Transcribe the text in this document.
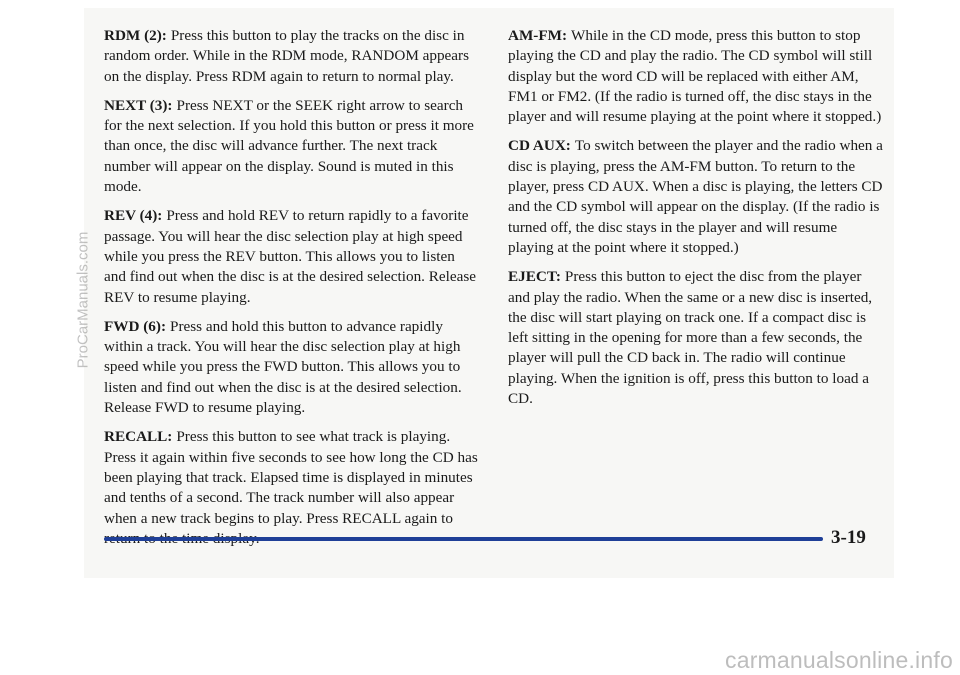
RDM (2): Press this button to play the tracks on the disc in random order. While in the RDM mode, RANDOM appears on the display. Press RDM again to return to normal play.

NEXT (3): Press NEXT or the SEEK right arrow to search for the next selection. If you hold this button or press it more than once, the disc will advance further. The next track number will appear on the display. Sound is muted in this mode.

REV (4): Press and hold REV to return rapidly to a favorite passage. You will hear the disc selection play at high speed while you press the REV button. This allows you to listen and find out when the disc is at the desired selection. Release REV to resume playing.

FWD (6): Press and hold this button to advance rapidly within a track. You will hear the disc selection play at high speed while you press the FWD button. This allows you to listen and find out when the disc is at the desired selection. Release FWD to resume playing.

RECALL: Press this button to see what track is playing. Press it again within five seconds to see how long the CD has been playing that track. Elapsed time is displayed in minutes and tenths of a second. The track number will also appear when a new track begins to play. Press RECALL again to

AM-FM: While in the CD mode, press this button to stop playing the CD and play the radio. The CD symbol will still display but the word CD will be replaced with either AM, FM1 or FM2. (If the radio is turned off, the disc stays in the player and will resume playing at the point where it stopped.)

CD AUX: To switch between the player and the radio when a disc is playing, press the AM-FM button. To return to the player, press CD AUX. When a disc is playing, the letters CD and the CD symbol will appear on the display. (If the radio is turned off, the disc stays in the player and will resume playing at the point where it stopped.)

EJECT: Press this button to eject the disc from the player and play the radio. When the same or a new disc is inserted, the disc will start playing on track one. If a compact disc is left sitting in the opening for more than a few seconds, the player will pull the CD back in. The radio will continue playing. When the ignition is off, press this button to load a CD.

3-19
ProCarManuals.com
carmanualsonline.info
